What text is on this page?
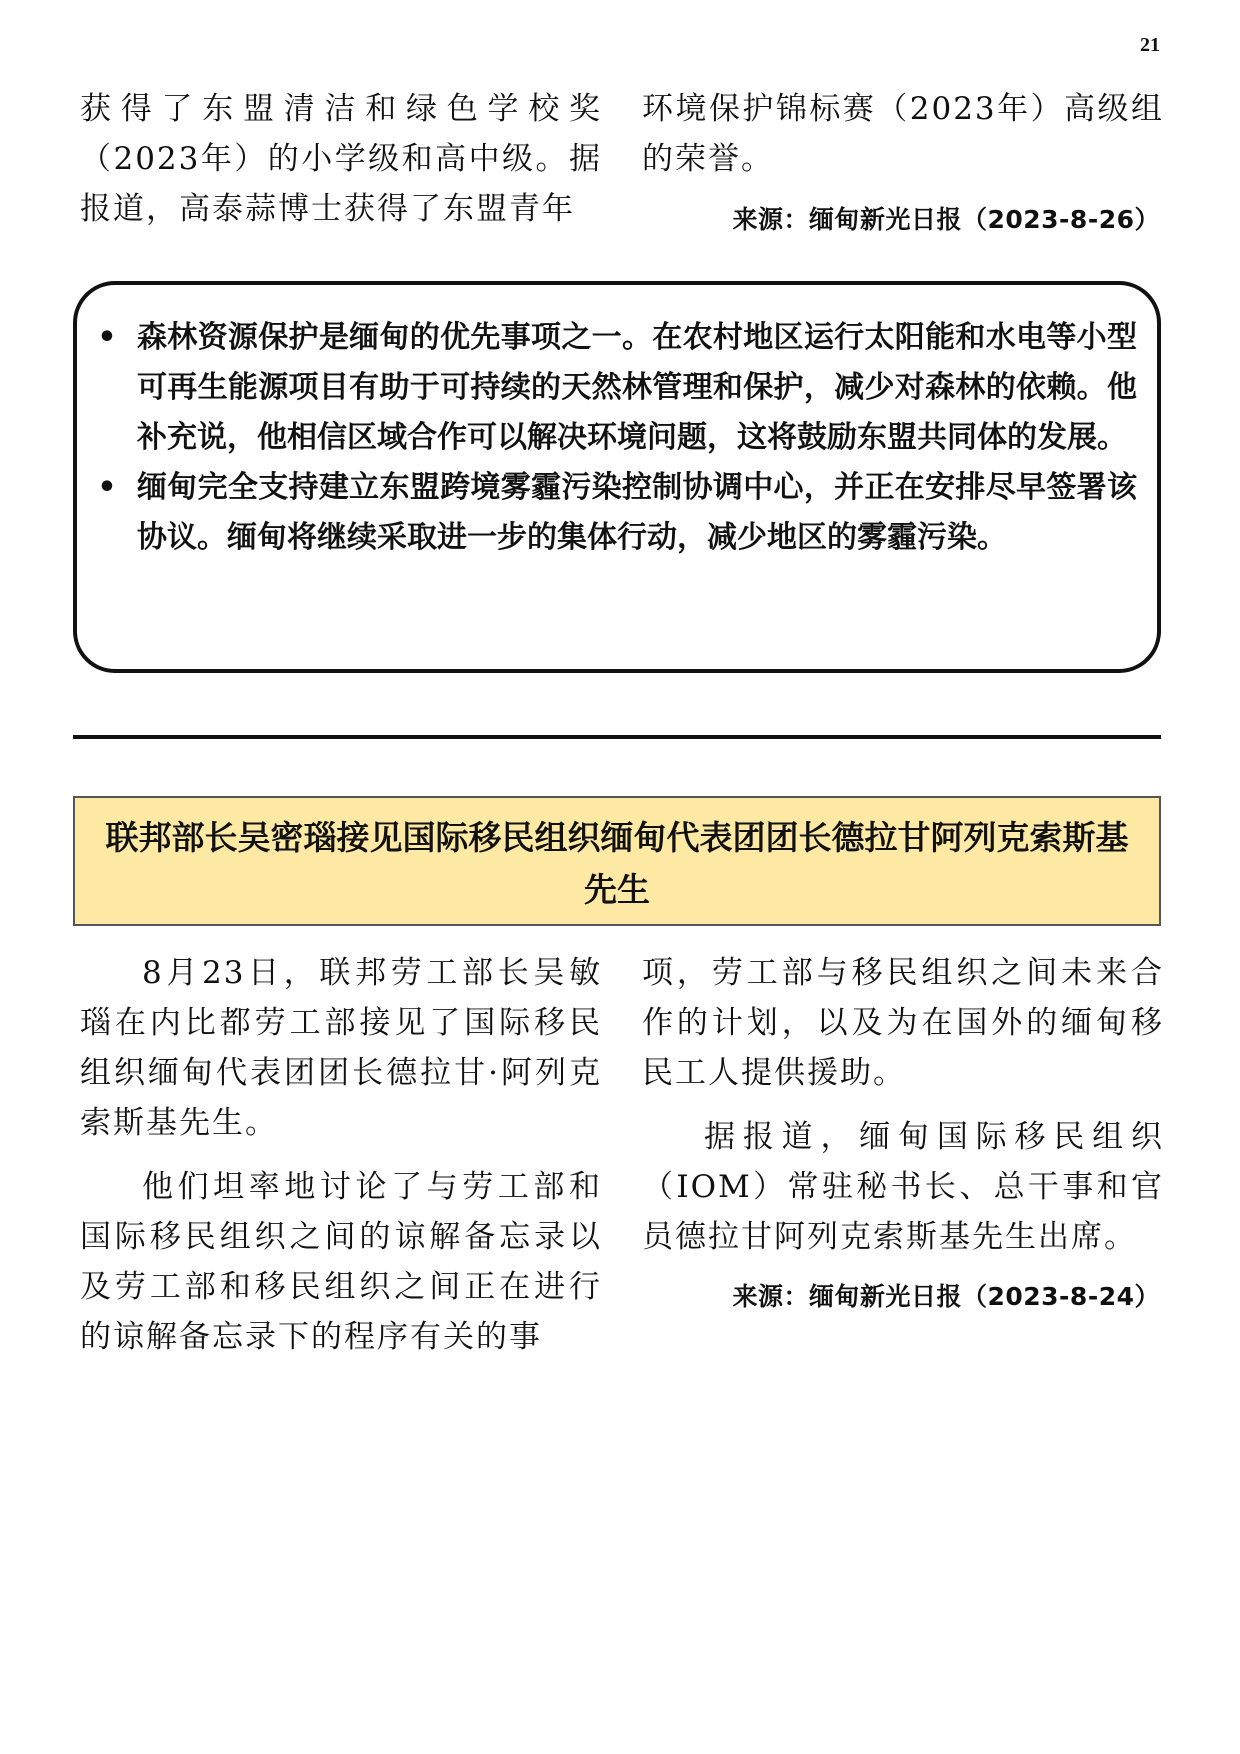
21

获得了东盟清洁和绿色学校奖（2023年）的小学级和高中级。据报道，高泰蒜博士获得了东盟青年

环境保护锦标赛（2023年）高级组的荣誉。

来源：缅甸新光日报（2023-8-26）
• 森林资源保护是缅甸的优先事项之一。在农村地区运行太阳能和水电等小型可再生能源项目有助于可持续的天然林管理和保护，减少对森林的依赖。他补充说，他相信区域合作可以解决环境问题，这将鼓励东盟共同体的发展。
• 缅甸完全支持建立东盟跨境雾霾污染控制协调中心，并正在安排尽早签署该协议。缅甸将继续采取进一步的集体行动，减少地区的雾霾污染。
联邦部长吴密瑙接见国际移民组织缅甸代表团团长德拉甘阿列克索斯基先生

8月23日，联邦劳工部长吴敏瑙在内比都劳工部接见了国际移民组织缅甸代表团团长德拉甘·阿列克索斯基先生。

他们坦率地讨论了与劳工部和国际移民组织之间的谅解备忘录以及劳工部和移民组织之间正在进行的谅解备忘录下的程序有关的事

项，劳工部与移民组织之间未来合作的计划，以及为在国外的缅甸移民工人提供援助。

据报道，缅甸国际移民组织（IOM）常驻秘书长、总干事和官员德拉甘阿列克索斯基先生出席。

来源：缅甸新光日报（2023-8-24）
